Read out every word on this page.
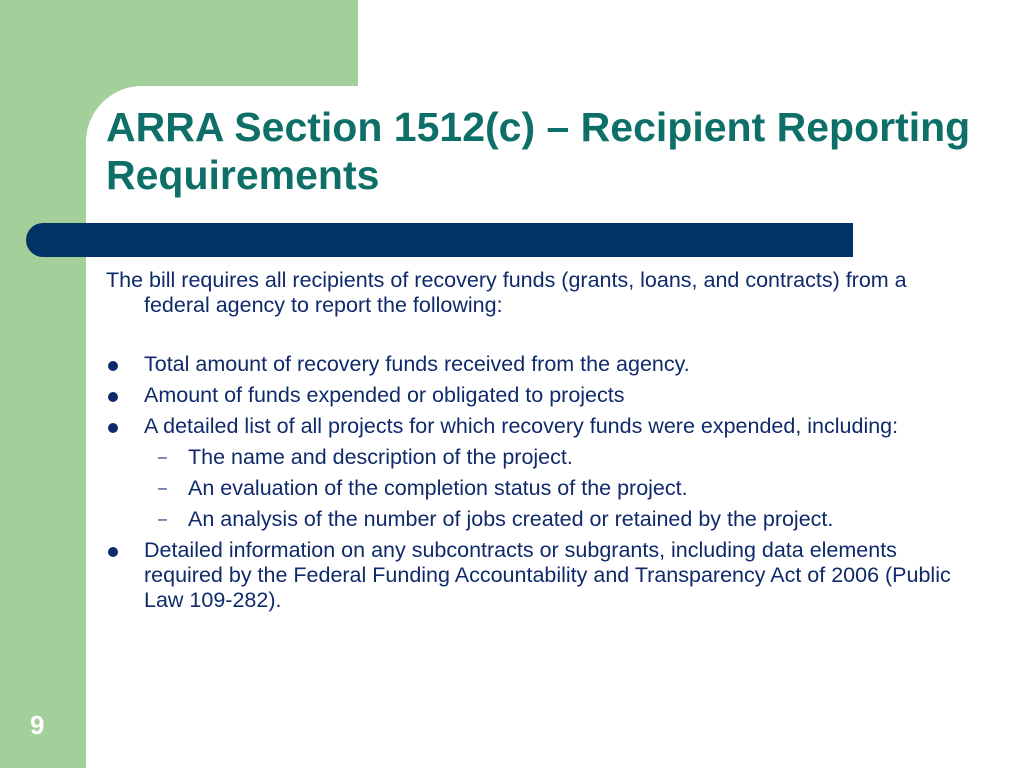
ARRA Section 1512(c) – Recipient Reporting Requirements

The bill requires all recipients of recovery funds (grants, loans, and contracts) from a federal agency to report the following:

Total amount of recovery funds received from the agency.
Amount of funds expended or obligated to projects
A detailed list of all projects for which recovery funds were expended, including:
– The name and description of the project.
– An evaluation of the completion status of the project.
– An analysis of the number of jobs created or retained by the project.
Detailed information on any subcontracts or subgrants, including data elements required by the Federal Funding Accountability and Transparency Act of 2006 (Public Law 109-282).
9
